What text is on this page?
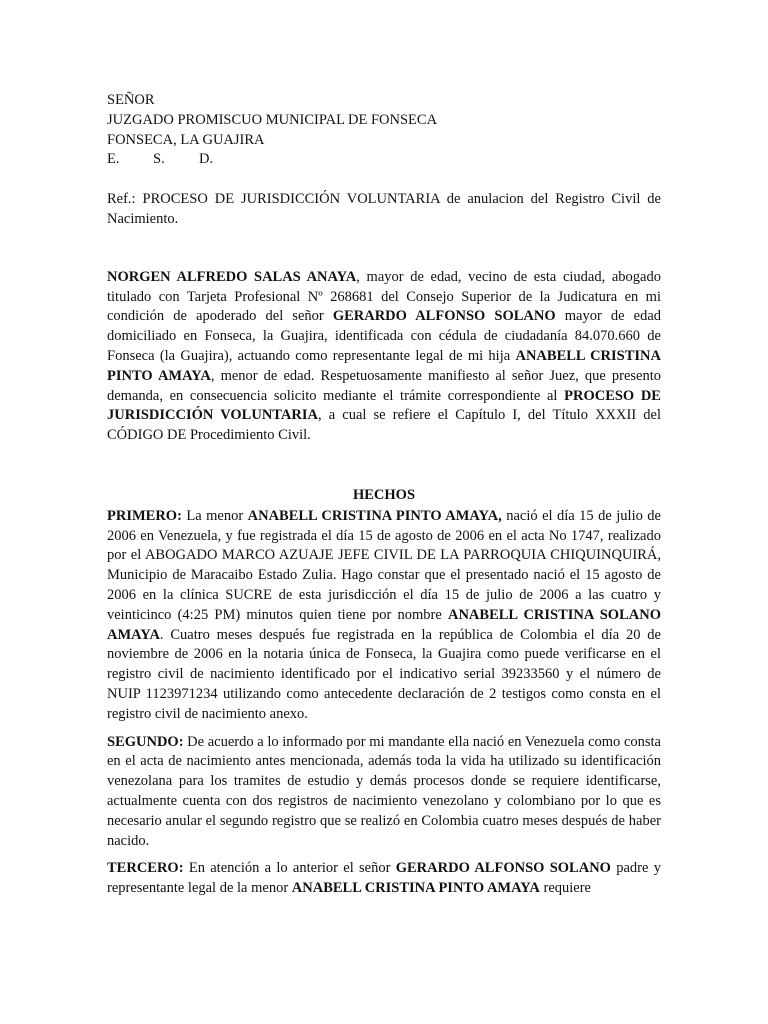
SEÑOR
JUZGADO PROMISCUO MUNICIPAL DE FONSECA
FONSECA, LA GUAJIRA
E. S. D.

Ref.: PROCESO DE JURISDICCIÓN VOLUNTARIA de anulacion del Registro Civil de Nacimiento.

NORGEN ALFREDO SALAS ANAYA, mayor de edad, vecino de esta ciudad, abogado titulado con Tarjeta Profesional Nº 268681 del Consejo Superior de la Judicatura en mi condición de apoderado del señor GERARDO ALFONSO SOLANO mayor de edad domiciliado en Fonseca, la Guajira, identificada con cédula de ciudadanía 84.070.660 de Fonseca (la Guajira), actuando como representante legal de mi hija ANABELL CRISTINA PINTO AMAYA, menor de edad. Respetuosamente manifiesto al señor Juez, que presento demanda, en consecuencia solicito mediante el trámite correspondiente al PROCESO DE JURISDICCIÓN VOLUNTARIA, a cual se refiere el Capítulo I, del Título XXXII del CÓDIGO DE Procedimiento Civil.

HECHOS

PRIMERO: La menor ANABELL CRISTINA PINTO AMAYA, nació el día 15 de julio de 2006 en Venezuela, y fue registrada el día 15 de agosto de 2006 en el acta No 1747, realizado por el ABOGADO MARCO AZUAJE JEFE CIVIL DE LA PARROQUIA CHIQUINQUIRÁ, Municipio de Maracaibo Estado Zulia. Hago constar que el presentado nació el 15 agosto de 2006 en la clínica SUCRE de esta jurisdicción el día 15 de julio de 2006 a las cuatro y veinticinco (4:25 PM) minutos quien tiene por nombre ANABELL CRISTINA SOLANO AMAYA. Cuatro meses después fue registrada en la república de Colombia el día 20 de noviembre de 2006 en la notaria única de Fonseca, la Guajira como puede verificarse en el registro civil de nacimiento identificado por el indicativo serial 39233560 y el número de NUIP 1123971234 utilizando como antecedente declaración de 2 testigos como consta en el registro civil de nacimiento anexo.

SEGUNDO: De acuerdo a lo informado por mi mandante ella nació en Venezuela como consta en el acta de nacimiento antes mencionada, además toda la vida ha utilizado su identificación venezolana para los tramites de estudio y demás procesos donde se requiere identificarse, actualmente cuenta con dos registros de nacimiento venezolano y colombiano por lo que es necesario anular el segundo registro que se realizó en Colombia cuatro meses después de haber nacido.

TERCERO: En atención a lo anterior el señor GERARDO ALFONSO SOLANO padre y representante legal de la menor ANABELL CRISTINA PINTO AMAYA requiere
